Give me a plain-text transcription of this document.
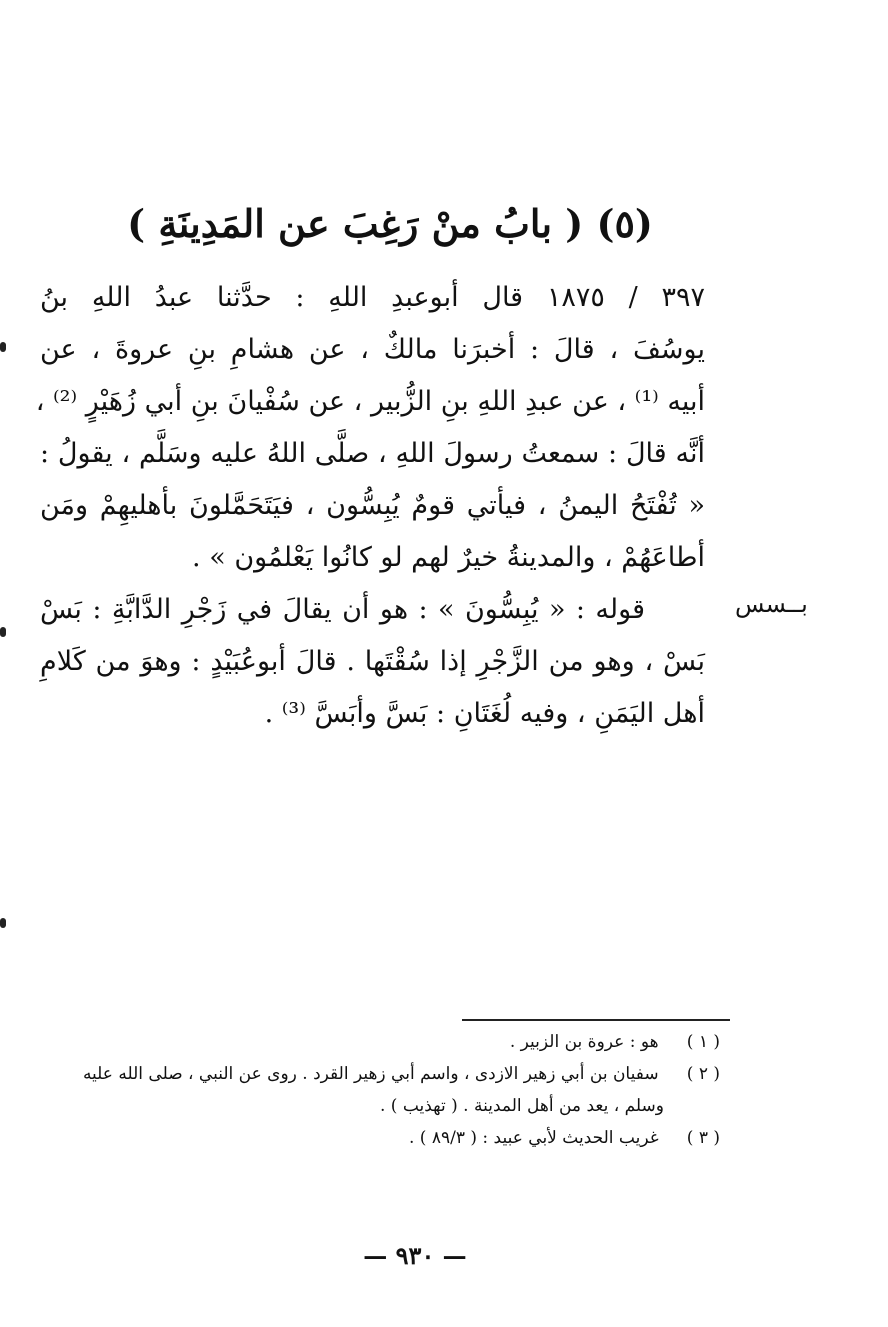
(٥) ( بابُ منْ رَغِبَ عن المَدِينَةِ )
٣٩٧ / ١٨٧٥ قال أبوعبدِ اللهِ : حدَّثنا عبدُ اللهِ بنُ
يوسُفَ ، قالَ : أخبرَنا مالكٌ ، عن هشامِ بنِ عروةَ ، عن
أبيه ⁽¹⁾ ، عن عبدِ اللهِ بنِ الزُّبير ، عن سُفْيانَ بنِ أبي زُهَيْرٍ ⁽²⁾ ،
أنَّه قالَ : سمعتُ رسولَ اللهِ ، صلَّى اللهُ عليه وسَلَّم ، يقولُ :
« تُفْتَحُ اليمنُ ، فيأتي قومٌ يُبِسُّون ، فيَتَحَمَّلونَ بأهليهِمْ ومَن
أطاعَهُمْ ، والمدينةُ خيرٌ لهم لو كانُوا يَعْلمُون » .
بــسس
قوله : « يُبِسُّونَ » : هو أن يقالَ في زَجْرِ الدَّابَّةِ : بَسْ
بَسْ ، وهو من الزَّجْرِ إذا سُقْتَها . قالَ أبوعُبَيْدٍ : وهوَ من كَلامِ
أهل اليَمَنِ ، وفيه لُغَتَانِ : بَسَّ وأبَسَّ ⁽³⁾ .
( ١ ) هو : عروة بن الزبير .
( ٢ ) سفيان بن أبي زهير الازدى ، واسم أبي زهير القرد . روى عن النبي ، صلى الله عليه
وسلم ، يعد من أهل المدينة . ( تهذيب ) .
( ٣ ) غريب الحديث لأبي عبيد : ( ٨٩/٣ ) .
— ٩٣٠ —
